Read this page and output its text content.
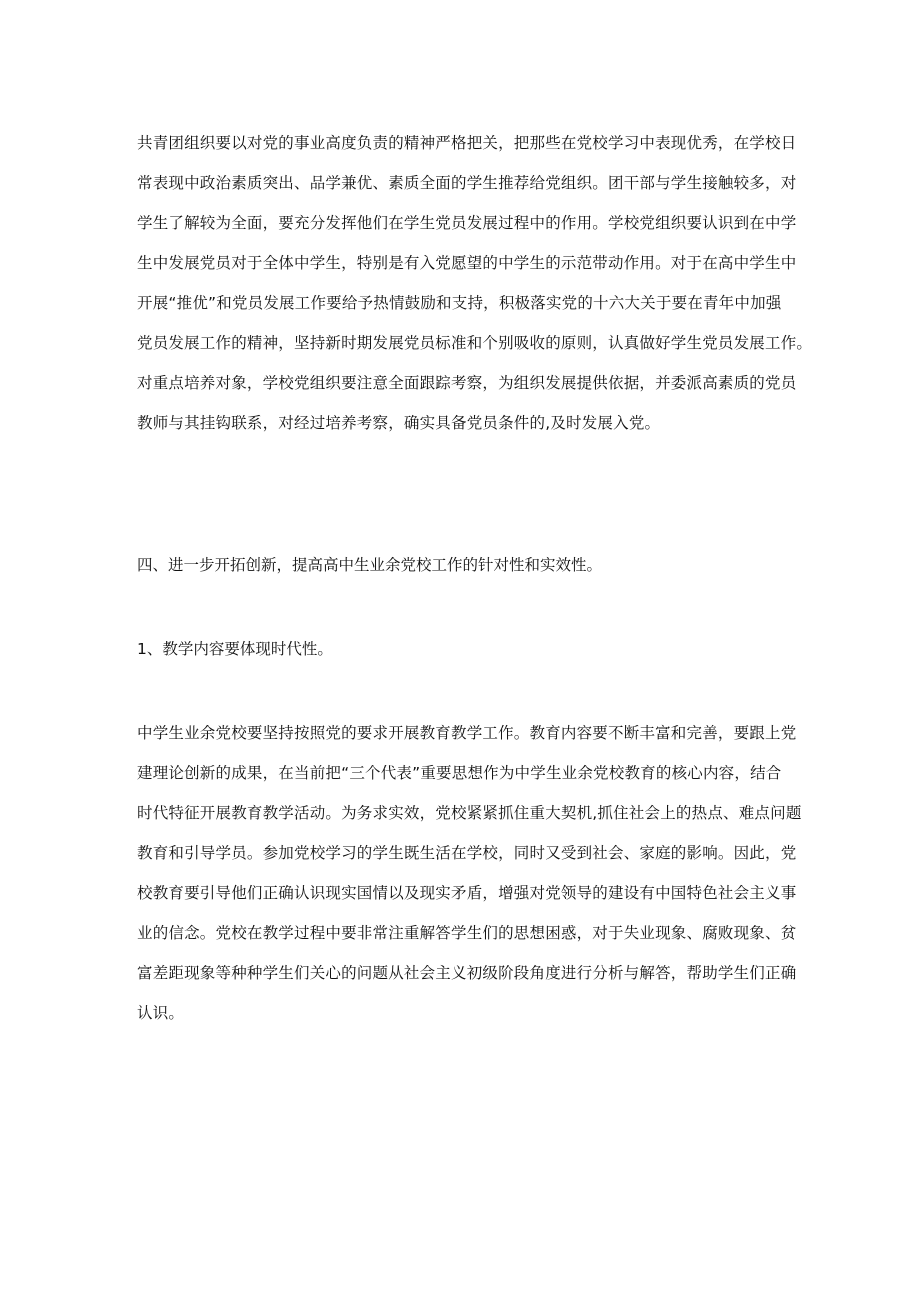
共青团组织要以对党的事业高度负责的精神严格把关，把那些在党校学习中表现优秀，在学校日
常表现中政治素质突出、品学兼优、素质全面的学生推荐给党组织。团干部与学生接触较多，对
学生了解较为全面，要充分发挥他们在学生党员发展过程中的作用。学校党组织要认识到在中学
生中发展党员对于全体中学生，特别是有入党愿望的中学生的示范带动作用。对于在高中学生中
开展“推优”和党员发展工作要给予热情鼓励和支持，积极落实党的十六大关于要在青年中加强
党员发展工作的精神，坚持新时期发展党员标准和个别吸收的原则，认真做好学生党员发展工作。
对重点培养对象，学校党组织要注意全面跟踪考察，为组织发展提供依据，并委派高素质的党员
教师与其挂钩联系，对经过培养考察，确实具备党员条件的,及时发展入党。
四、进一步开拓创新，提高高中生业余党校工作的针对性和实效性。
1、教学内容要体现时代性。
中学生业余党校要坚持按照党的要求开展教育教学工作。教育内容要不断丰富和完善，要跟上党
建理论创新的成果，在当前把“三个代表”重要思想作为中学生业余党校教育的核心内容，结合
时代特征开展教育教学活动。为务求实效，党校紧紧抓住重大契机,抓住社会上的热点、难点问题
教育和引导学员。参加党校学习的学生既生活在学校，同时又受到社会、家庭的影响。因此，党
校教育要引导他们正确认识现实国情以及现实矛盾，增强对党领导的建设有中国特色社会主义事
业的信念。党校在教学过程中要非常注重解答学生们的思想困惑，对于失业现象、腐败现象、贫
富差距现象等种种学生们关心的问题从社会主义初级阶段角度进行分析与解答，帮助学生们正确
认识。
